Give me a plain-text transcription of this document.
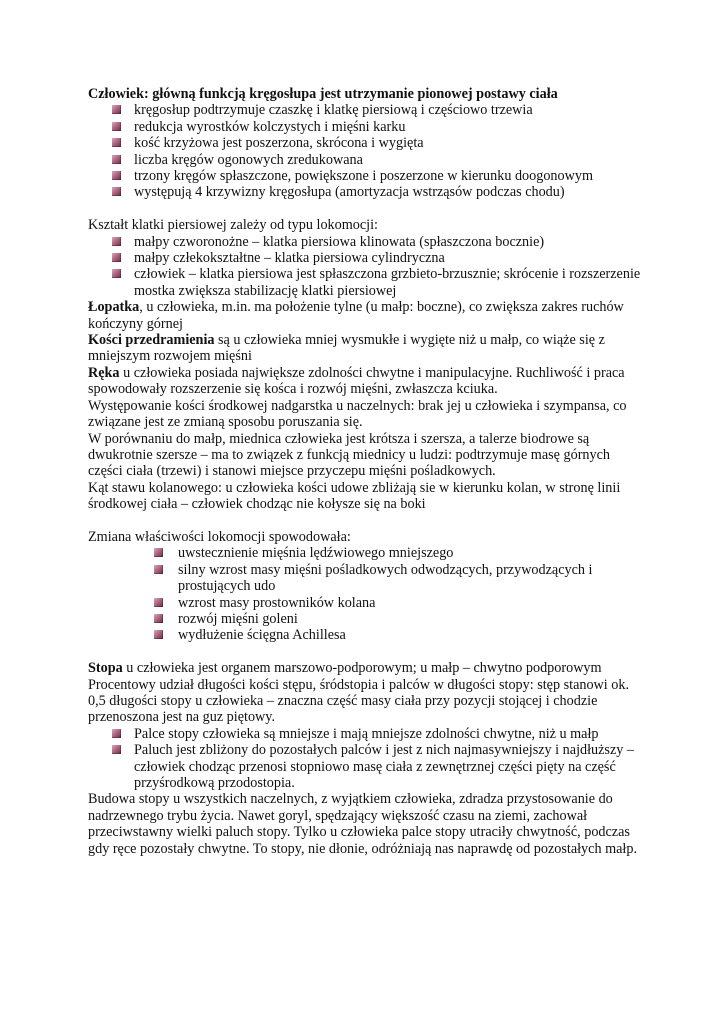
Człowiek: główną funkcją kręgosłupa jest utrzymanie pionowej postawy ciała

kręgosłup podtrzymuje czaszkę i klatkę piersiową i częściowo trzewia
redukcja wyrostków kolczystych i mięśni karku
kość krzyżowa jest poszerzona, skrócona i wygięta
liczba kręgów ogonowych zredukowana
trzony kręgów spłaszczone, powiększone i poszerzone w kierunku doogonowym
występują 4 krzywizny kręgosłupa (amortyzacja wstrząsów podczas chodu)

Kształt klatki piersiowej zależy od typu lokomocji:

małpy czworonożne – klatka piersiowa klinowata (spłaszczona bocznie)
małpy człekokształtne – klatka piersiowa cylindryczna
człowiek – klatka piersiowa jest spłaszczona grzbieto-brzusznie; skrócenie i rozszerzenie mostka zwiększa stabilizację klatki piersiowej

Łopatka, u człowieka, m.in. ma położenie tylne (u małp: boczne), co zwiększa zakres ruchów kończyny górnej

Kości przedramienia są u człowieka mniej wysmukłe i wygięte niż u małp, co wiąże się z mniejszym rozwojem mięśni

Ręka u człowieka posiada największe zdolności chwytne i manipulacyjne. Ruchliwość i praca spowodowały rozszerzenie się kośca i rozwój mięśni, zwłaszcza kciuka.

Występowanie kości środkowej nadgarstka u naczelnych: brak jej u człowieka i szympansa, co związane jest ze zmianą sposobu poruszania się.

W porównaniu do małp, miednica człowieka jest krótsza i szersza, a talerze biodrowe są dwukrotnie szersze – ma to związek z funkcją miednicy u ludzi: podtrzymuje masę górnych części ciała (trzewi) i stanowi miejsce przyczepu mięśni pośladkowych.

Kąt stawu kolanowego: u człowieka kości udowe zbliżają sie w kierunku kolan, w stronę linii środkowej ciała – człowiek chodząc nie kołysze się na boki

Zmiana właściwości lokomocji spowodowała:

uwstecznienie mięśnia lędźwiowego mniejszego
silny wzrost masy mięśni pośladkowych odwodzących, przywodzących i prostujących udo
wzrost masy prostowników kolana
rozwój mięśni goleni
wydłużenie ścięgna Achillesa

Stopa u człowieka jest organem marszowo-podporowym; u małp – chwytno podporowym

Procentowy udział długości kości stępu, śródstopia i palców w długości stopy: stęp stanowi ok. 0,5 długości stopy u człowieka – znaczna część masy ciała przy pozycji stojącej i chodzie przenoszona jest na guz piętowy.

Palce stopy człowieka są mniejsze i mają mniejsze zdolności chwytne, niż u małp
Paluch jest zbliżony do pozostałych palców i jest z nich najmasywniejszy i najdłuższy – człowiek chodząc przenosi stopniowo masę ciała z zewnętrznej części pięty na część przyśrodkową przodostopia.

Budowa stopy u wszystkich naczelnych, z wyjątkiem człowieka, zdradza przystosowanie do nadrzewnego trybu życia. Nawet goryl, spędzający większość czasu na ziemi, zachował przeciwstawny wielki paluch stopy. Tylko u człowieka palce stopy utraciły chwytność, podczas gdy ręce pozostały chwytne. To stopy, nie dłonie, odróżniają nas naprawdę od pozostałych małp.
